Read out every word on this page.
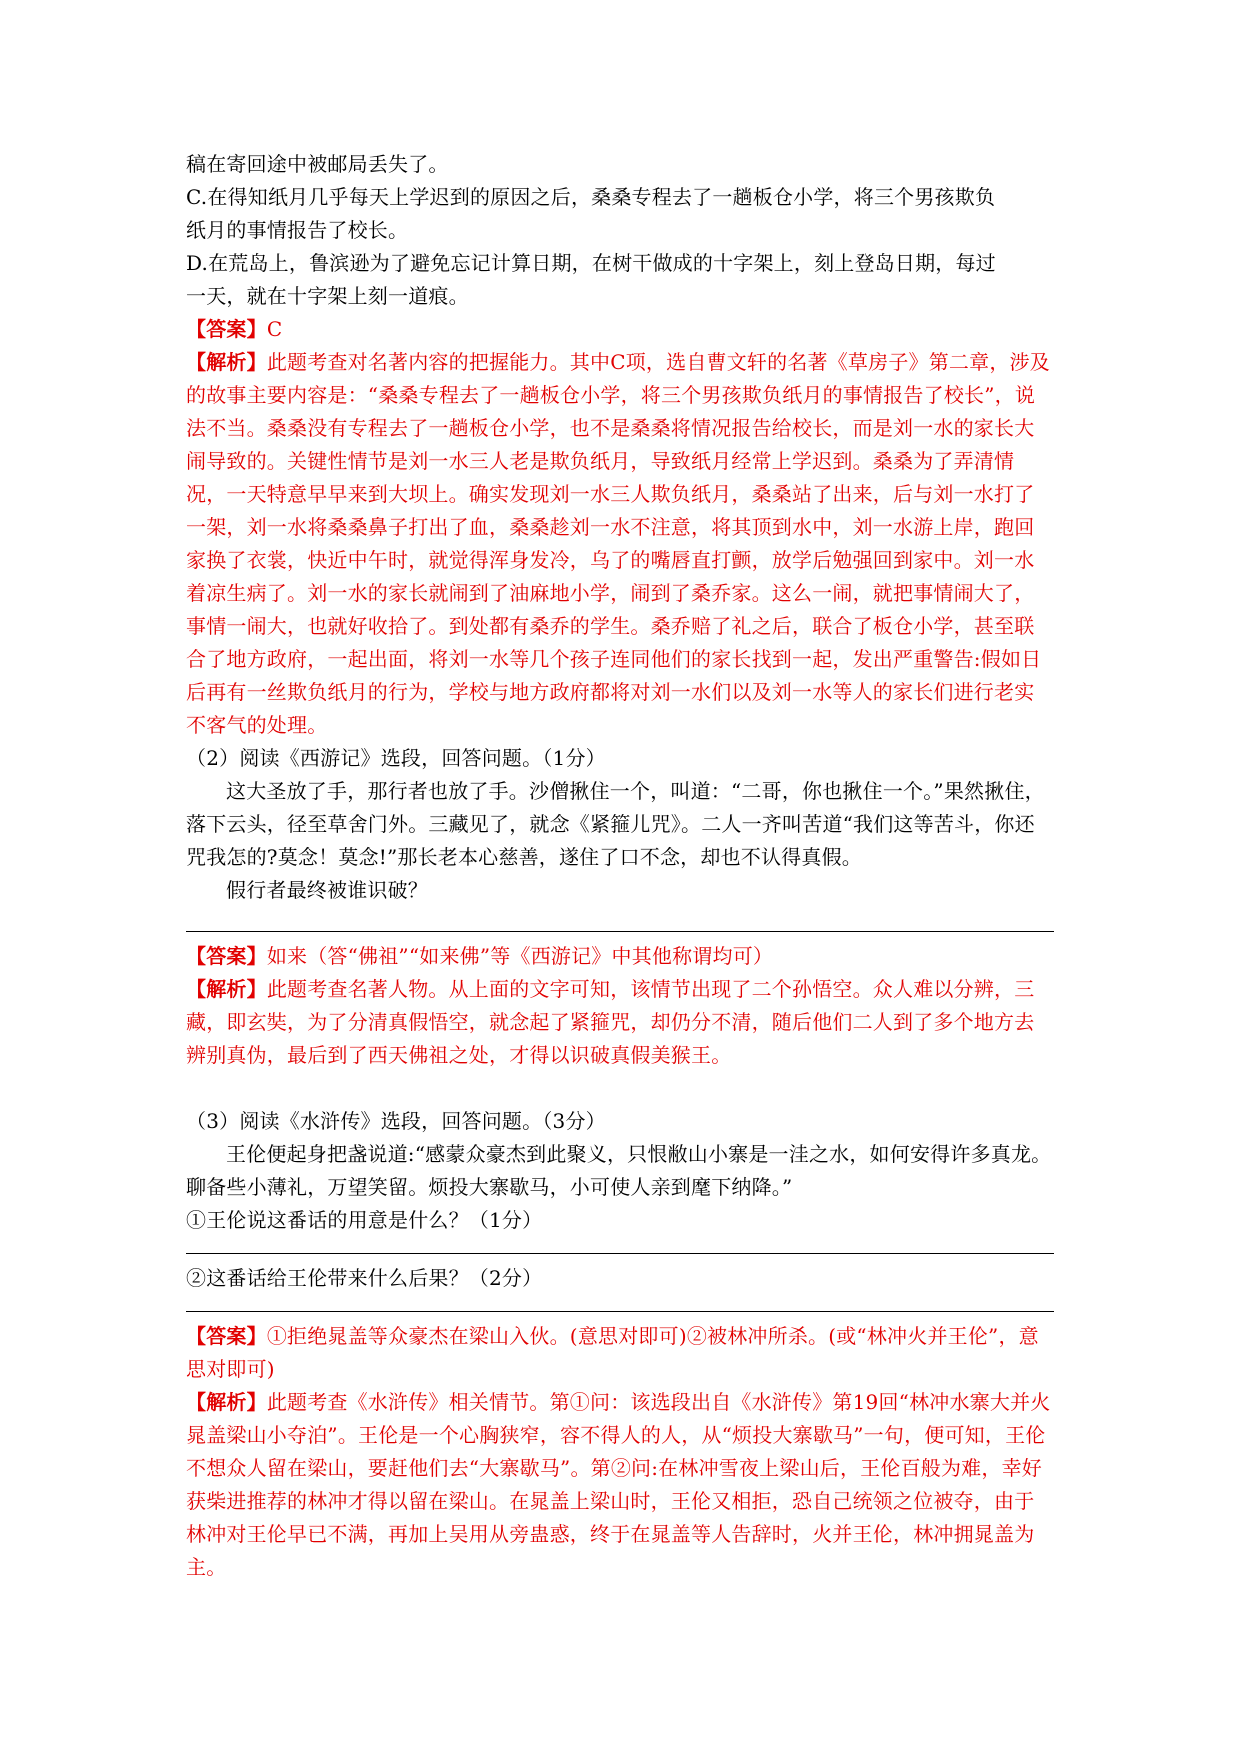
稿在寄回途中被邮局丢失了。

C.在得知纸月几乎每天上学迟到的原因之后，桑桑专程去了一趟板仓小学，将三个男孩欺负

纸月的事情报告了校长。

D.在荒岛上，鲁滨逊为了避免忘记计算日期，在树干做成的十字架上，刻上登岛日期，每过

一天，就在十字架上刻一道痕。

【答案】C

【解析】此题考查对名著内容的把握能力。其中C项，选自曹文轩的名著《草房子》第二章，涉及的故事主要内容是：“桑桑专程去了一趟板仓小学，将三个男孩欺负纸月的事情报告了校长”，说法不当。桑桑没有专程去了一趟板仓小学，也不是桑桑将情况报告给校长，而是刘一水的家长大闹导致的。关键性情节是刘一水三人老是欺负纸月，导致纸月经常上学迟到。桑桑为了弄清情况，一天特意早早来到大坝上。确实发现刘一水三人欺负纸月，桑桑站了出来，后与刘一水打了一架，刘一水将桑桑鼻子打出了血，桑桑趁刘一水不注意，将其顶到水中，刘一水游上岸，跑回家换了衣裳，快近中午时，就觉得浑身发冷，乌了的嘴唇直打颤，放学后勉强回到家中。刘一水着凉生病了。刘一水的家长就闹到了油麻地小学，闹到了桑乔家。这么一闹，就把事情闹大了，事情一闹大，也就好收拾了。到处都有桑乔的学生。桑乔赔了礼之后，联合了板仓小学，甚至联合了地方政府，一起出面，将刘一水等几个孩子连同他们的家长找到一起，发出严重警告:假如日后再有一丝欺负纸月的行为，学校与地方政府都将对刘一水们以及刘一水等人的家长们进行老实不客气的处理。

（2）阅读《西游记》选段，回答问题。（1分）

这大圣放了手，那行者也放了手。沙僧揪住一个，叫道：“二哥，你也揪住一个。”果然揪住，落下云头，径至草舍门外。三藏见了，就念《紧箍儿咒》。二人一齐叫苦道“我们这等苦斗，你还咒我怎的?莫念！莫念!”那长老本心慈善，遂住了口不念，却也不认得真假。

假行者最终被谁识破？

【答案】如来（答“佛祖”“如来佛”等《西游记》中其他称谓均可）

【解析】此题考查名著人物。从上面的文字可知，该情节出现了二个孙悟空。众人难以分辨，三藏，即玄奘，为了分清真假悟空，就念起了紧箍咒，却仍分不清，随后他们二人到了多个地方去辨别真伪，最后到了西天佛祖之处，才得以识破真假美猴王。

（3）阅读《水浒传》选段，回答问题。（3分）

王伦便起身把盏说道:“感蒙众豪杰到此聚义，只恨敝山小寨是一洼之水，如何安得许多真龙。聊备些小薄礼，万望笑留。烦投大寨歇马，小可使人亲到麾下纳降。”

①王伦说这番话的用意是什么？（1分）

②这番话给王伦带来什么后果？（2分）

【答案】①拒绝晁盖等众豪杰在梁山入伙。(意思对即可)②被林冲所杀。(或“林冲火并王伦”，意思对即可)

【解析】此题考查《水浒传》相关情节。第①问：该选段出自《水浒传》第19回“林冲水寨大并火　晁盖梁山小夺泊”。王伦是一个心胸狭窄，容不得人的人，从“烦投大寨歇马”一句，便可知，王伦不想众人留在梁山，要赶他们去“大寨歇马”。第②问:在林冲雪夜上梁山后，王伦百般为难，幸好获柴进推荐的林冲才得以留在梁山。在晁盖上梁山时，王伦又相拒，恐自己统领之位被夺，由于林冲对王伦早已不满，再加上吴用从旁蛊惑，终于在晁盖等人告辞时，火并王伦，林冲拥晁盖为主。
